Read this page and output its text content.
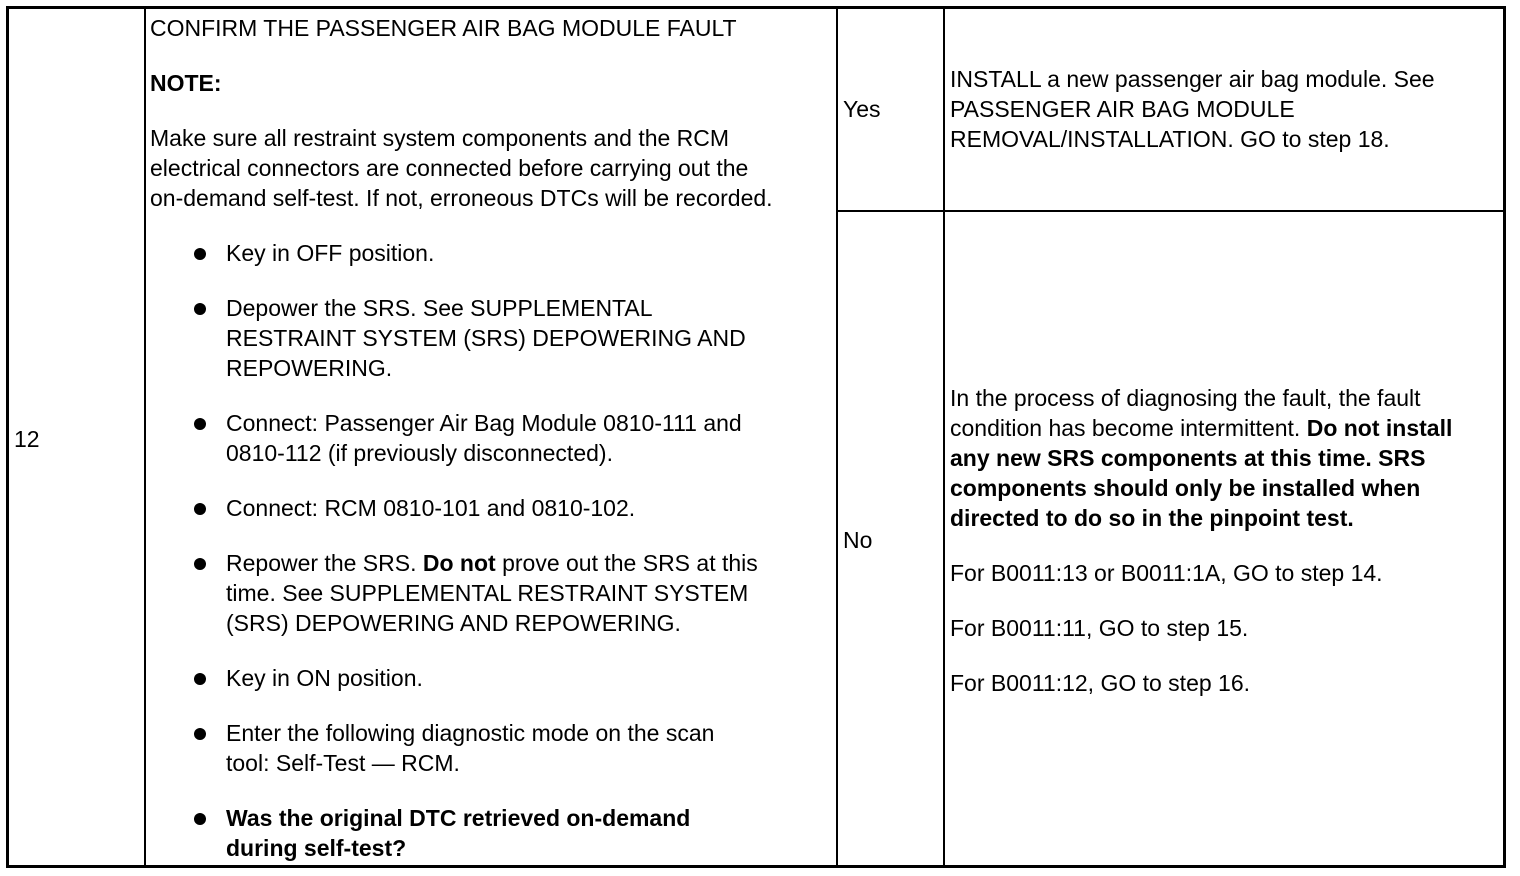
12
CONFIRM THE PASSENGER AIR BAG MODULE FAULT
NOTE:
Make sure all restraint system components and the RCM
electrical connectors are connected before carrying out the
on-demand self-test. If not, erroneous DTCs will be recorded.
Key in OFF position.
Depower the SRS. See SUPPLEMENTAL
RESTRAINT SYSTEM (SRS) DEPOWERING AND
REPOWERING.
Connect: Passenger Air Bag Module 0810-111 and
0810-112 (if previously disconnected).
Connect: RCM 0810-101 and 0810-102.
Repower the SRS. Do not prove out the SRS at this
time. See SUPPLEMENTAL RESTRAINT SYSTEM
(SRS) DEPOWERING AND REPOWERING.
Key in ON position.
Enter the following diagnostic mode on the scan
tool: Self-Test — RCM.
Was the original DTC retrieved on-demand
during self-test?
Yes
INSTALL a new passenger air bag module. See
PASSENGER AIR BAG MODULE
REMOVAL/INSTALLATION. GO to step 18.
No
In the process of diagnosing the fault, the fault
condition has become intermittent. Do not install
any new SRS components at this time. SRS
components should only be installed when
directed to do so in the pinpoint test.
For B0011:13 or B0011:1A, GO to step 14.
For B0011:11, GO to step 15.
For B0011:12, GO to step 16.
